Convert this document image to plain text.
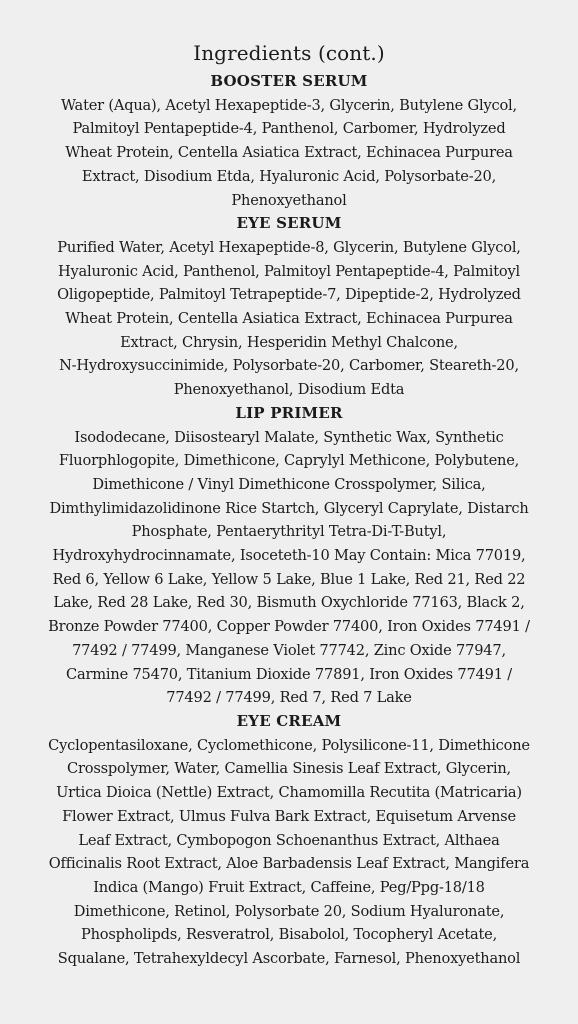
Ingredients (cont.)
BOOSTER SERUM

Water (Aqua), Acetyl Hexapeptide-3, Glycerin, Butylene Glycol,
Palmitoyl Pentapeptide-4, Panthenol, Carbomer, Hydrolyzed
Wheat Protein, Centella Asiatica Extract, Echinacea Purpurea
Extract, Disodium Etda, Hyaluronic Acid, Polysorbate-20,
Phenoxyethanol

EYE SERUM

Purified Water, Acetyl Hexapeptide-8, Glycerin, Butylene Glycol,
Hyaluronic Acid, Panthenol, Palmitoyl Pentapeptide-4, Palmitoyl
Oligopeptide, Palmitoyl Tetrapeptide-7, Dipeptide-2, Hydrolyzed
Wheat Protein, Centella Asiatica Extract, Echinacea Purpurea
Extract, Chrysin, Hesperidin Methyl Chalcone,
N-Hydroxysuccinimide, Polysorbate-20, Carbomer, Steareth-20,
Phenoxyethanol, Disodium Edta

LIP PRIMER

Isododecane, Diisostearyl Malate, Synthetic Wax, Synthetic
Fluorphlogopite, Dimethicone, Caprylyl Methicone, Polybutene,
Dimethicone / Vinyl Dimethicone Crosspolymer, Silica,
Dimthylimidazolidinone Rice Startch, Glyceryl Caprylate, Distarch
Phosphate, Pentaerythrityl Tetra-Di-T-Butyl,
Hydroxyhydrocinnamate, Isoceteth-10 May Contain: Mica 77019,
Red 6, Yellow 6 Lake, Yellow 5 Lake, Blue 1 Lake, Red 21, Red 22
Lake, Red 28 Lake, Red 30, Bismuth Oxychloride 77163, Black 2,
Bronze Powder 77400, Copper Powder 77400, Iron Oxides 77491 /
77492 / 77499, Manganese Violet 77742, Zinc Oxide 77947,
Carmine 75470, Titanium Dioxide 77891, Iron Oxides 77491 /
77492 / 77499, Red 7, Red 7 Lake

EYE CREAM

Cyclopentasiloxane, Cyclomethicone, Polysilicone-11, Dimethicone
Crosspolymer, Water, Camellia Sinesis Leaf Extract, Glycerin,
Urtica Dioica (Nettle) Extract, Chamomilla Recutita (Matricaria)
Flower Extract, Ulmus Fulva Bark Extract, Equisetum Arvense
Leaf Extract, Cymbopogon Schoenanthus Extract, Althaea
Officinalis Root Extract, Aloe Barbadensis Leaf Extract, Mangifera
Indica (Mango) Fruit Extract, Caffeine, Peg/Ppg-18/18
Dimethicone, Retinol, Polysorbate 20, Sodium Hyaluronate,
Phospholipds, Resveratrol, Bisabolol, Tocopheryl Acetate,
Squalane, Tetrahexyldecyl Ascorbate, Farnesol, Phenoxyethanol
